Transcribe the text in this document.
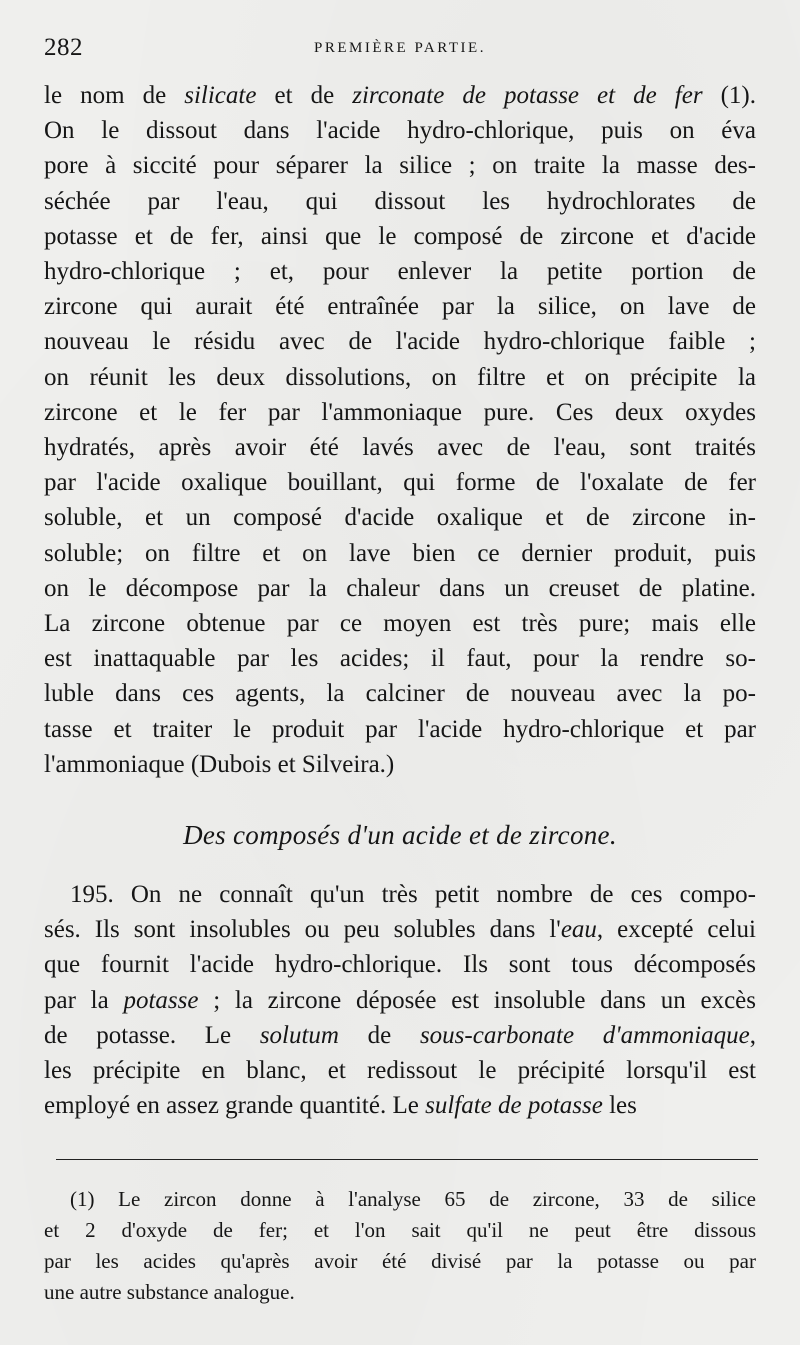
282	PREMIÈRE PARTIE.
le nom de silicate et de zirconate de potasse et de fer (1).
On le dissout dans l'acide hydro-chlorique, puis on éva
pore à siccité pour séparer la silice ; on traite la masse des-
séchée par l'eau, qui dissout les hydrochlorates de
potasse et de fer, ainsi que le composé de zircone et d'acide
hydro-chlorique ; et, pour enlever la petite portion de
zircone qui aurait été entraînée par la silice, on lave de
nouveau le résidu avec de l'acide hydro-chlorique faible ;
on réunit les deux dissolutions, on filtre et on précipite la
zircone et le fer par l'ammoniaque pure. Ces deux oxydes
hydratés, après avoir été lavés avec de l'eau, sont traités
par l'acide oxalique bouillant, qui forme de l'oxalate de fer
soluble, et un composé d'acide oxalique et de zircone in-
soluble; on filtre et on lave bien ce dernier produit, puis
on le décompose par la chaleur dans un creuset de platine.
La zircone obtenue par ce moyen est très pure; mais elle
est inattaquable par les acides; il faut, pour la rendre so-
luble dans ces agents, la calciner de nouveau avec la po-
tasse et traiter le produit par l'acide hydro-chlorique et par
l'ammoniaque (Dubois et Silveira.)
Des composés d'un acide et de zircone.
195. On ne connaît qu'un très petit nombre de ces compo-
sés. Ils sont insolubles ou peu solubles dans l'eau, excepté celui
que fournit l'acide hydro-chlorique. Ils sont tous décomposés
par la potasse ; la zircone déposée est insoluble dans un excès
de potasse. Le solutum de sous-carbonate d'ammoniaque,
les précipite en blanc, et redissout le précipité lorsqu'il est
employé en assez grande quantité. Le sulfate de potasse les
(1) Le zircon donne à l'analyse 65 de zircone, 33 de silice
et 2 d'oxyde de fer; et l'on sait qu'il ne peut être dissous
par les acides qu'après avoir été divisé par la potasse ou par
une autre substance analogue.
